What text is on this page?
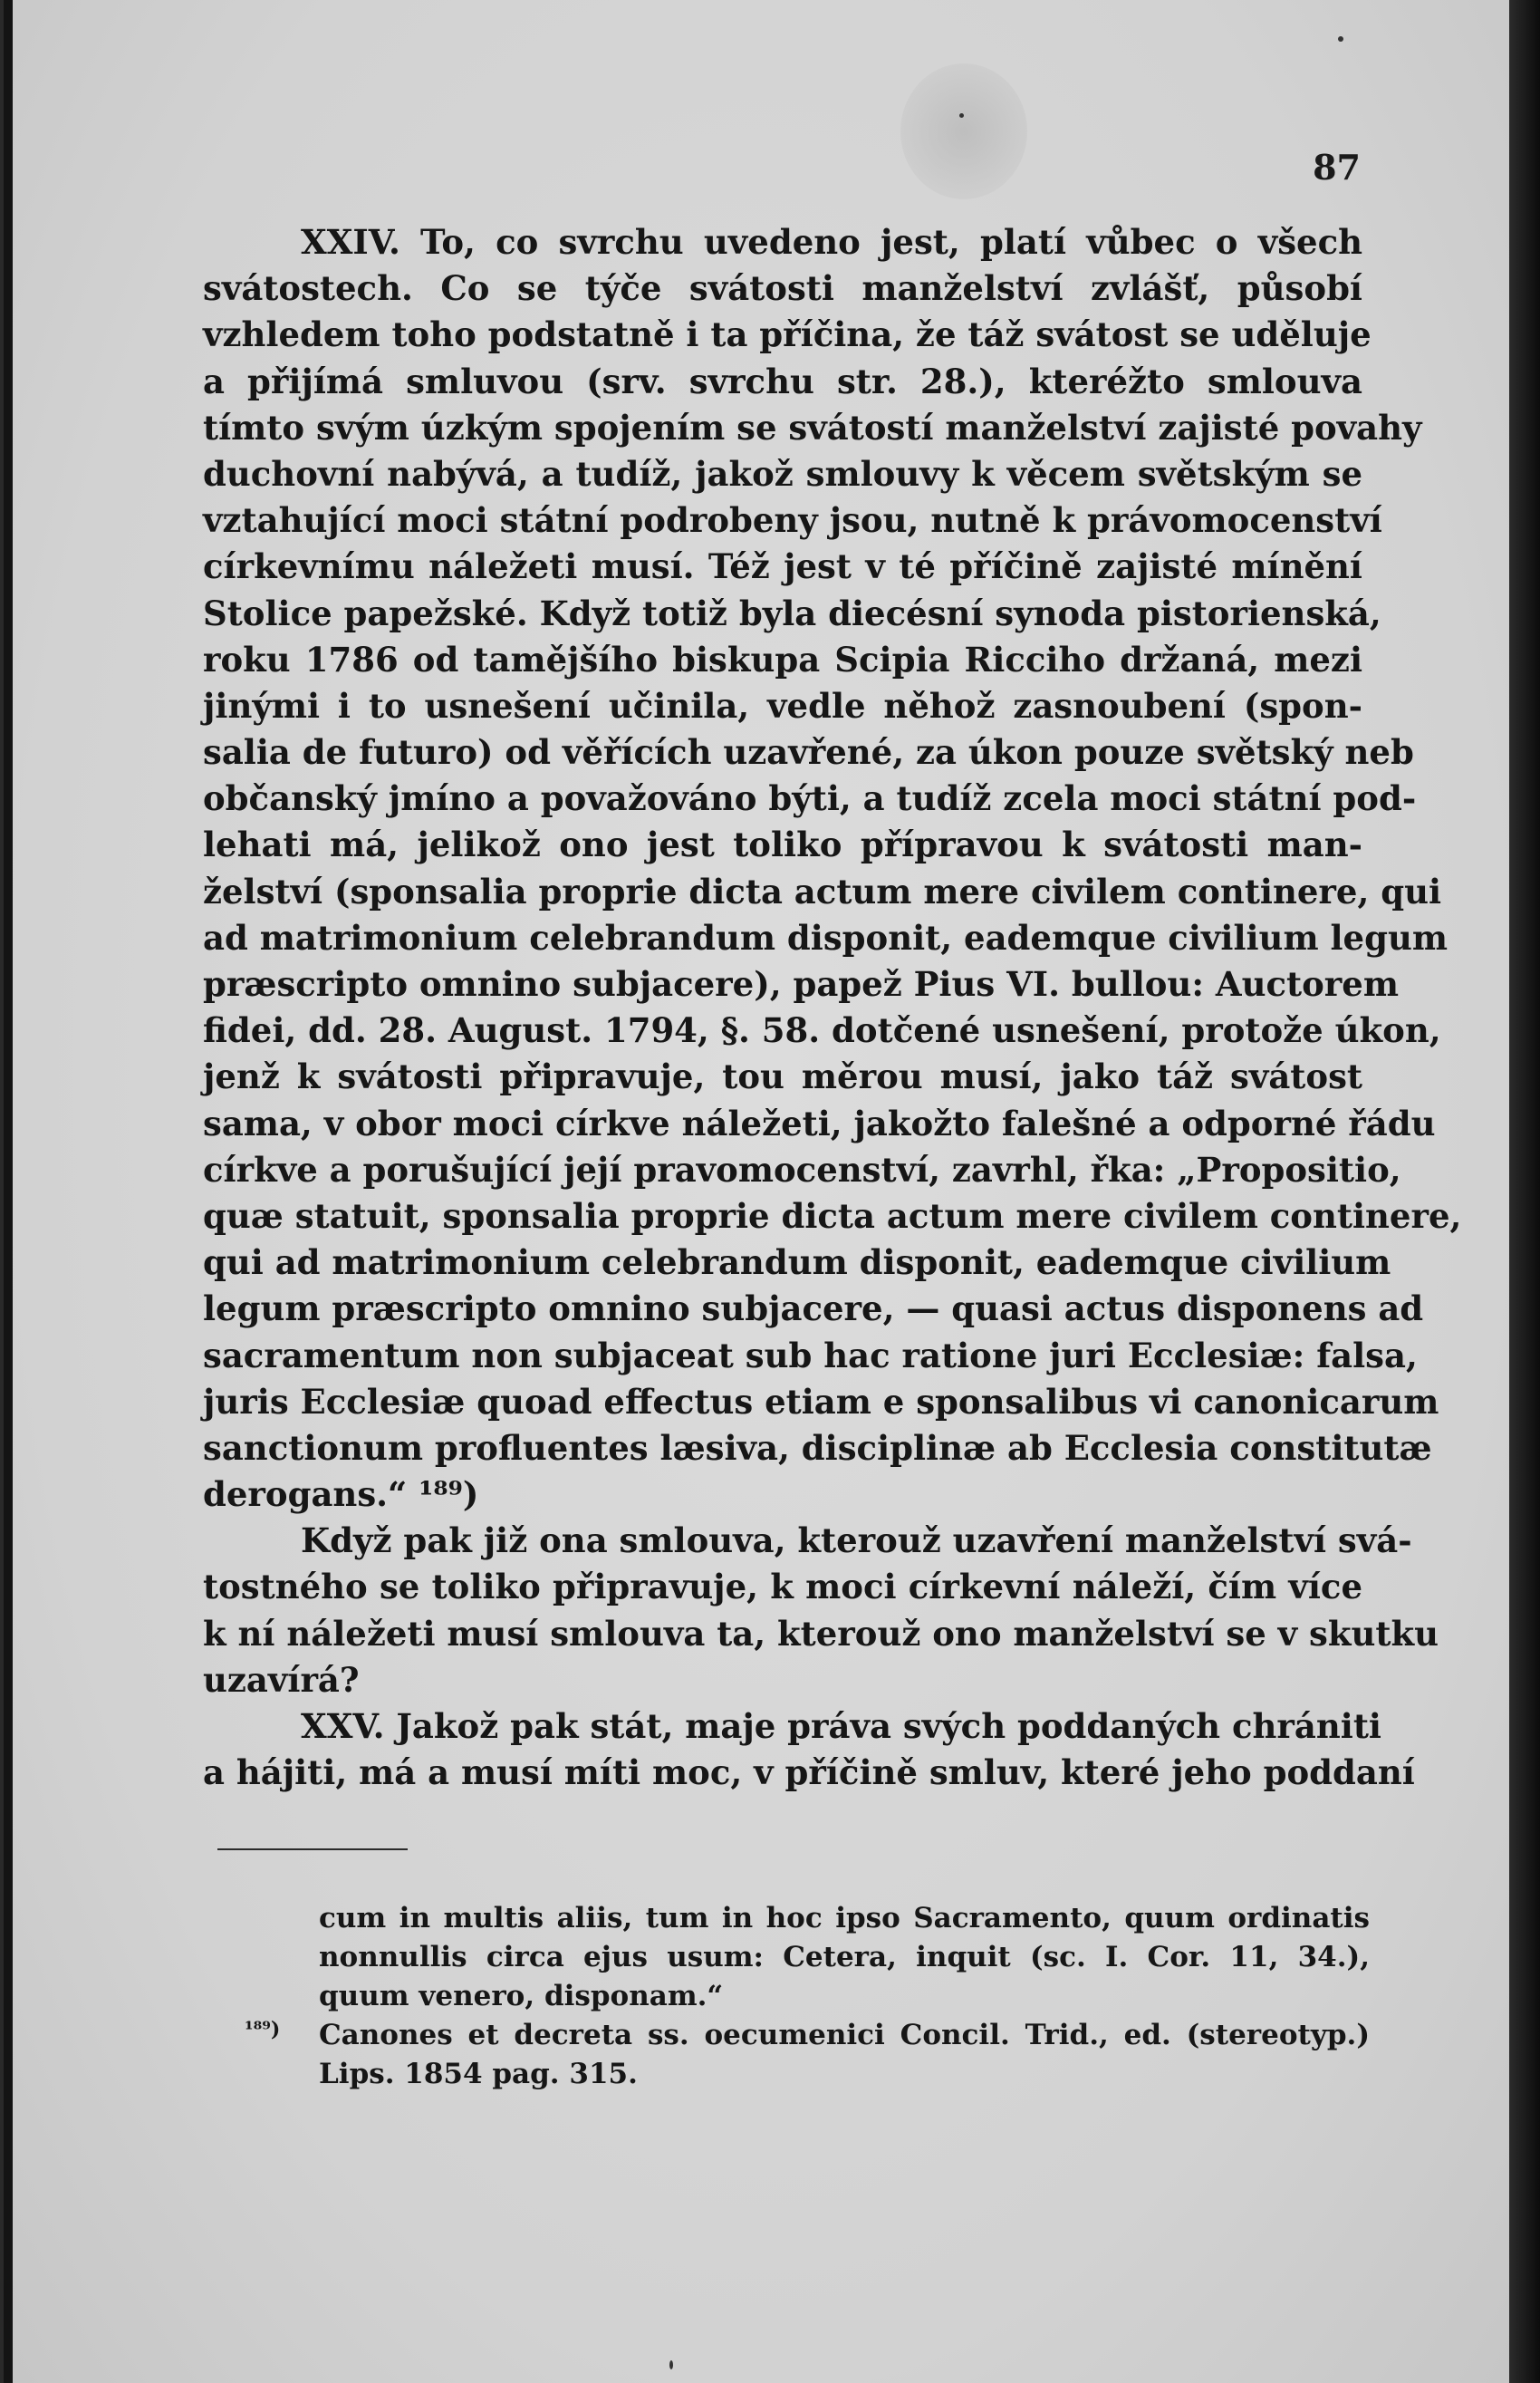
87
XXIV. To, co svrchu uvedeno jest, platí vůbec o všech
svátostech. Co se týče svátosti manželství zvlášť, působí
vzhledem toho podstatně i ta příčina, že táž svátost se uděluje
a přijímá smluvou (srv. svrchu str. 28.), kteréžto smlouva
tímto svým úzkým spojením se svátostí manželství zajisté povahy
duchovní nabývá, a tudíž, jakož smlouvy k věcem světským se
vztahující moci státní podrobeny jsou, nutně k právomocenství
církevnímu náležeti musí. Též jest v té příčině zajisté mínění
Stolice papežské. Když totiž byla diecésní synoda pistorienská,
roku 1786 od tamějšího biskupa Scipia Ricciho držaná, mezi
jinými i to usnešení učinila, vedle něhož zasnoubení (spon-
salia de futuro) od věřících uzavřené, za úkon pouze světský neb
občanský jmíno a považováno býti, a tudíž zcela moci státní pod-
lehati má, jelikož ono jest toliko přípravou k svátosti man-
želství (sponsalia proprie dicta actum mere civilem continere, qui
ad matrimonium celebrandum disponit, eademque civilium legum
præscripto omnino subjacere), papež Pius VI. bullou: Auctorem
fidei, dd. 28. August. 1794, §. 58. dotčené usnešení, protože úkon,
jenž k svátosti připravuje, tou měrou musí, jako táž svátost
sama, v obor moci církve náležeti, jakožto falešné a odporné řádu
církve a porušující její pravomocenství, zavrhl, řka: „Propositio,
quæ statuit, sponsalia proprie dicta actum mere civilem continere,
qui ad matrimonium celebrandum disponit, eademque civilium
legum præscripto omnino subjacere, — quasi actus disponens ad
sacramentum non subjaceat sub hac ratione juri Ecclesiæ: falsa,
juris Ecclesiæ quoad effectus etiam e sponsalibus vi canonicarum
sanctionum profluentes læsiva, disciplinæ ab Ecclesia constitutæ
derogans.“ ¹⁸⁹)
Když pak již ona smlouva, kterouž uzavření manželství svá-
tostného se toliko připravuje, k moci církevní náleží, čím více
k ní náležeti musí smlouva ta, kterouž ono manželství se v skutku
uzavírá?
XXV. Jakož pak stát, maje práva svých poddaných chrániti
a hájiti, má a musí míti moc, v příčině smluv, které jeho poddaní
cum in multis aliis, tum in hoc ipso Sacramento, quum ordinatis
nonnullis circa ejus usum: Cetera, inquit (sc. I. Cor. 11, 34.),
quum venero, disponam.“
¹⁸⁹) Canones et decreta ss. oecumenici Concil. Trid., ed. (stereotyp.)
Lips. 1854 pag. 315.
